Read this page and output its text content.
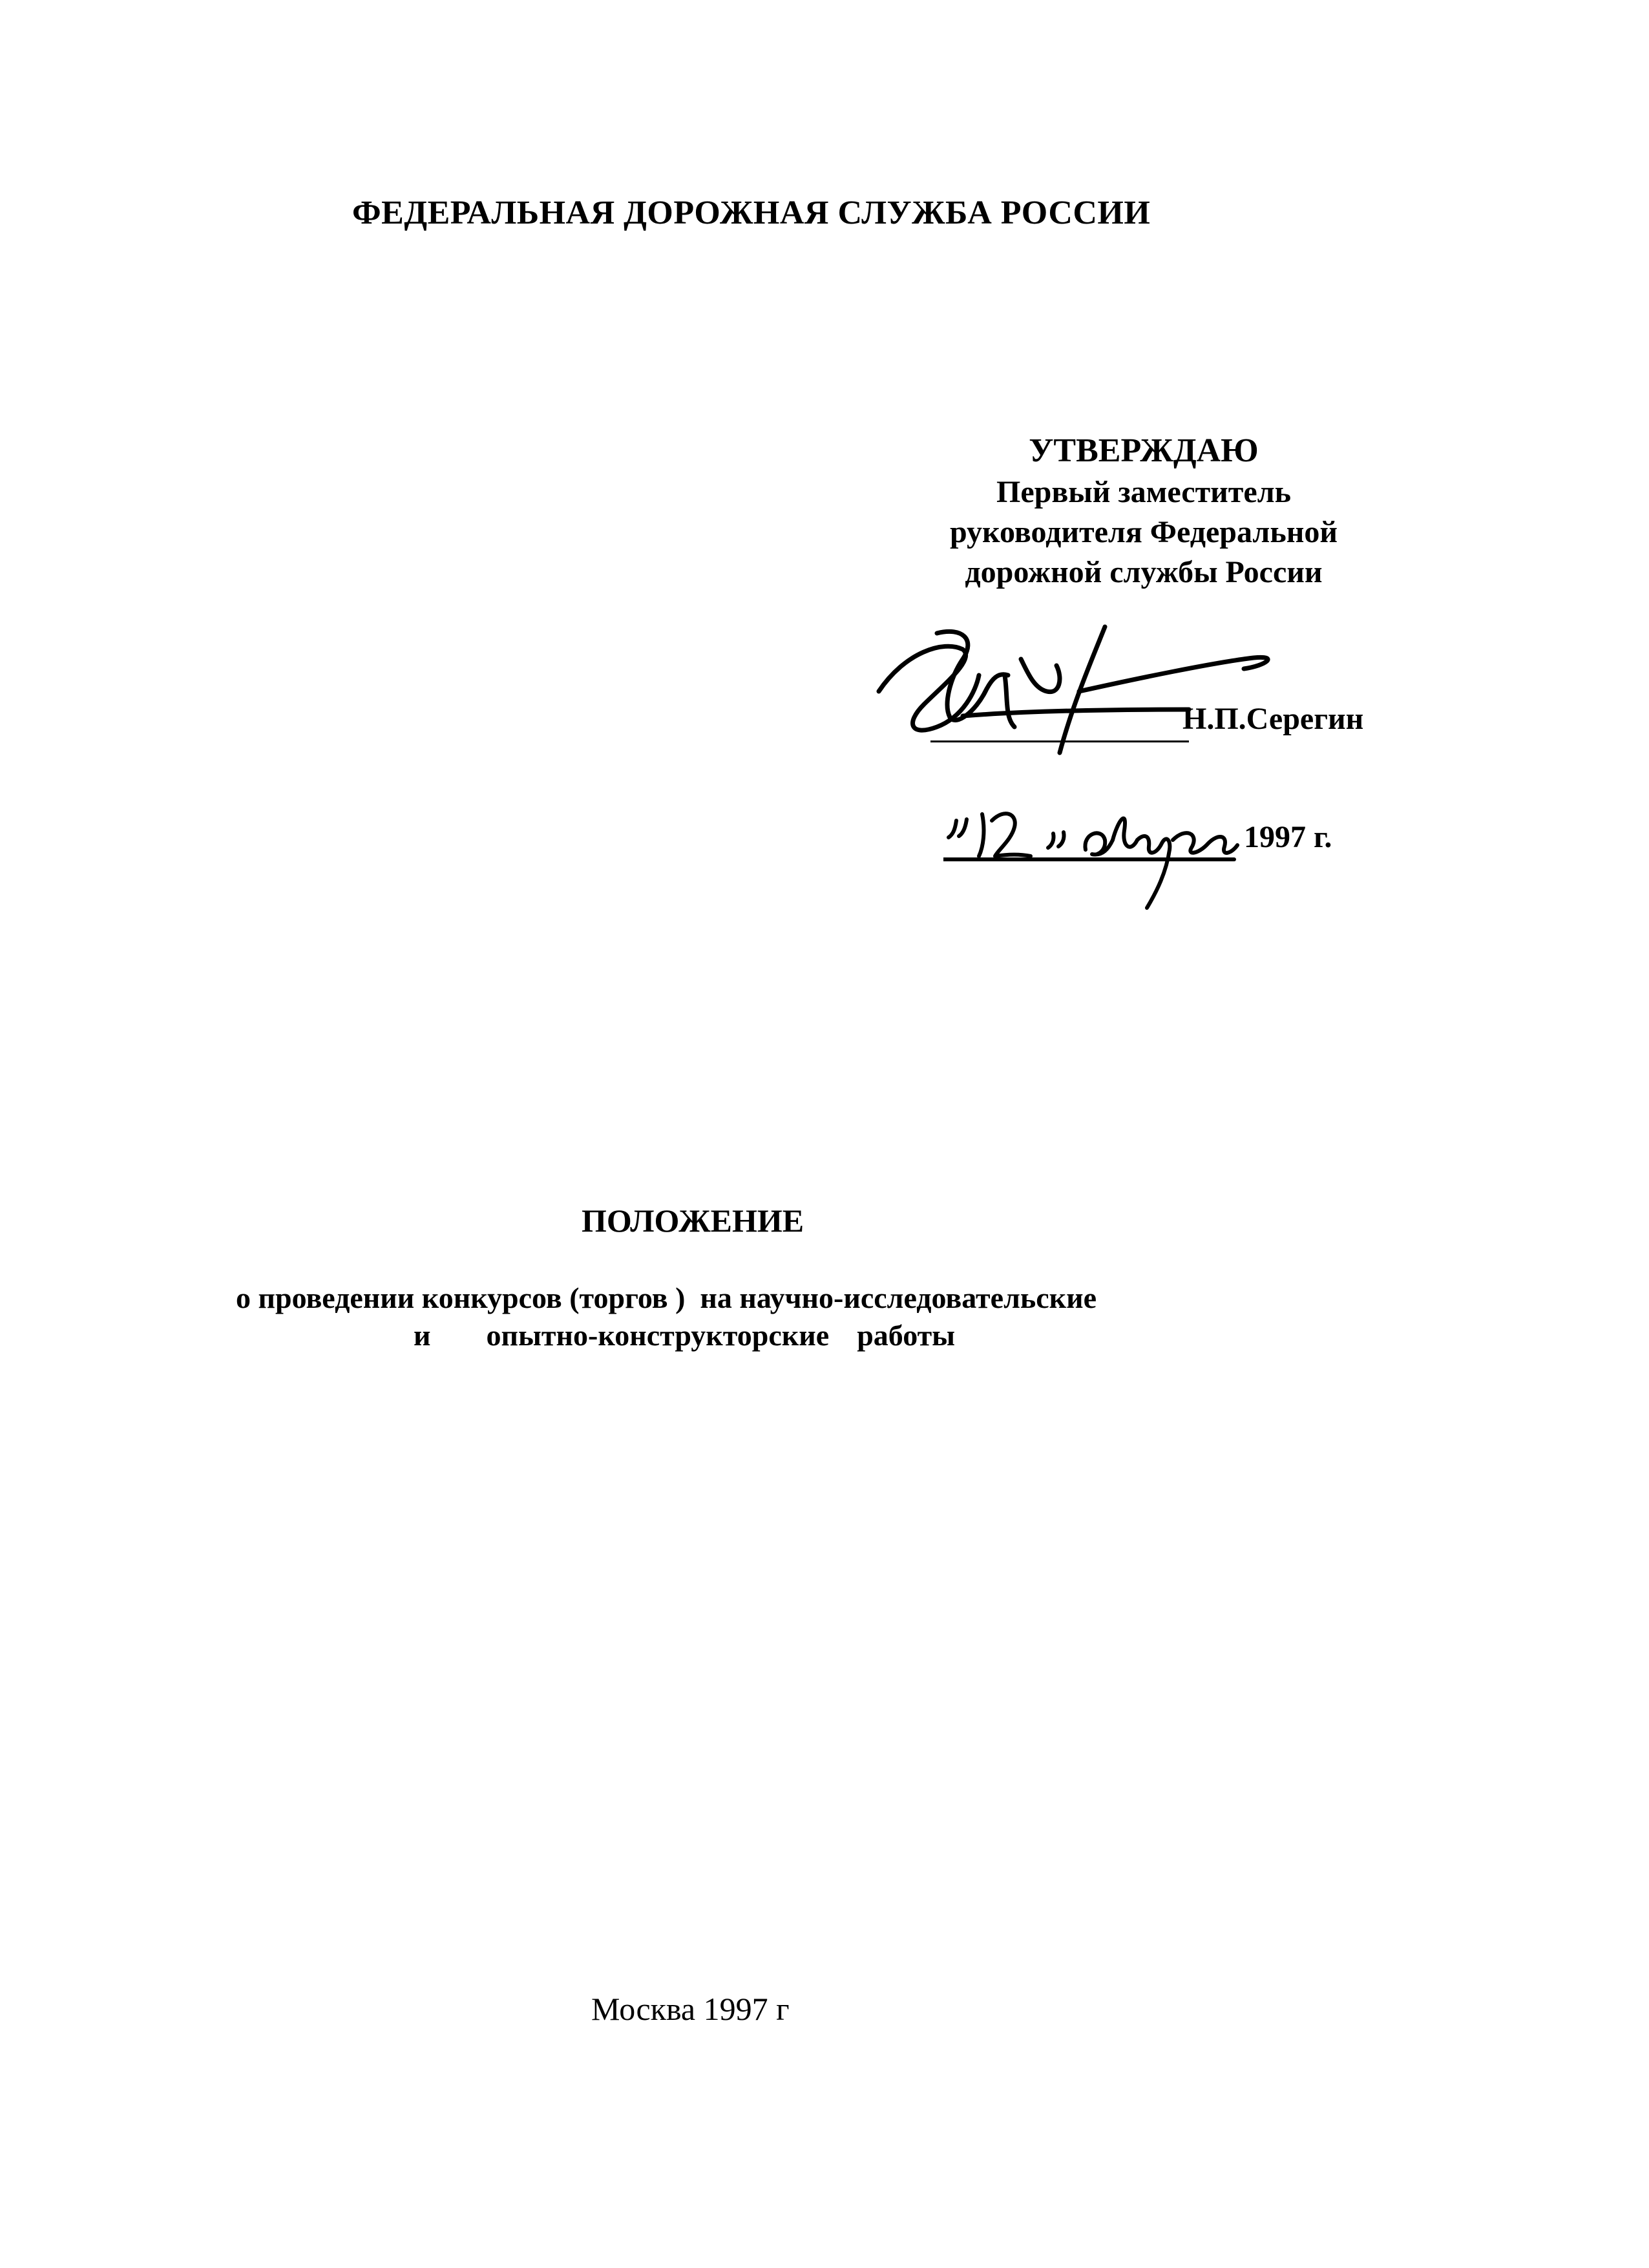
ФЕДЕРАЛЬНАЯ ДОРОЖНАЯ СЛУЖБА РОССИИ
УТВЕРЖДАЮ
Первый заместитель
руководителя Федеральной
дорожной службы России
Н.П.Серегин
1997 г.
ПОЛОЖЕНИЕ
о проведении конкурсов (торгов )  на научно-исследовательские
и    опытно-конструкторские  работы
Москва 1997 г
